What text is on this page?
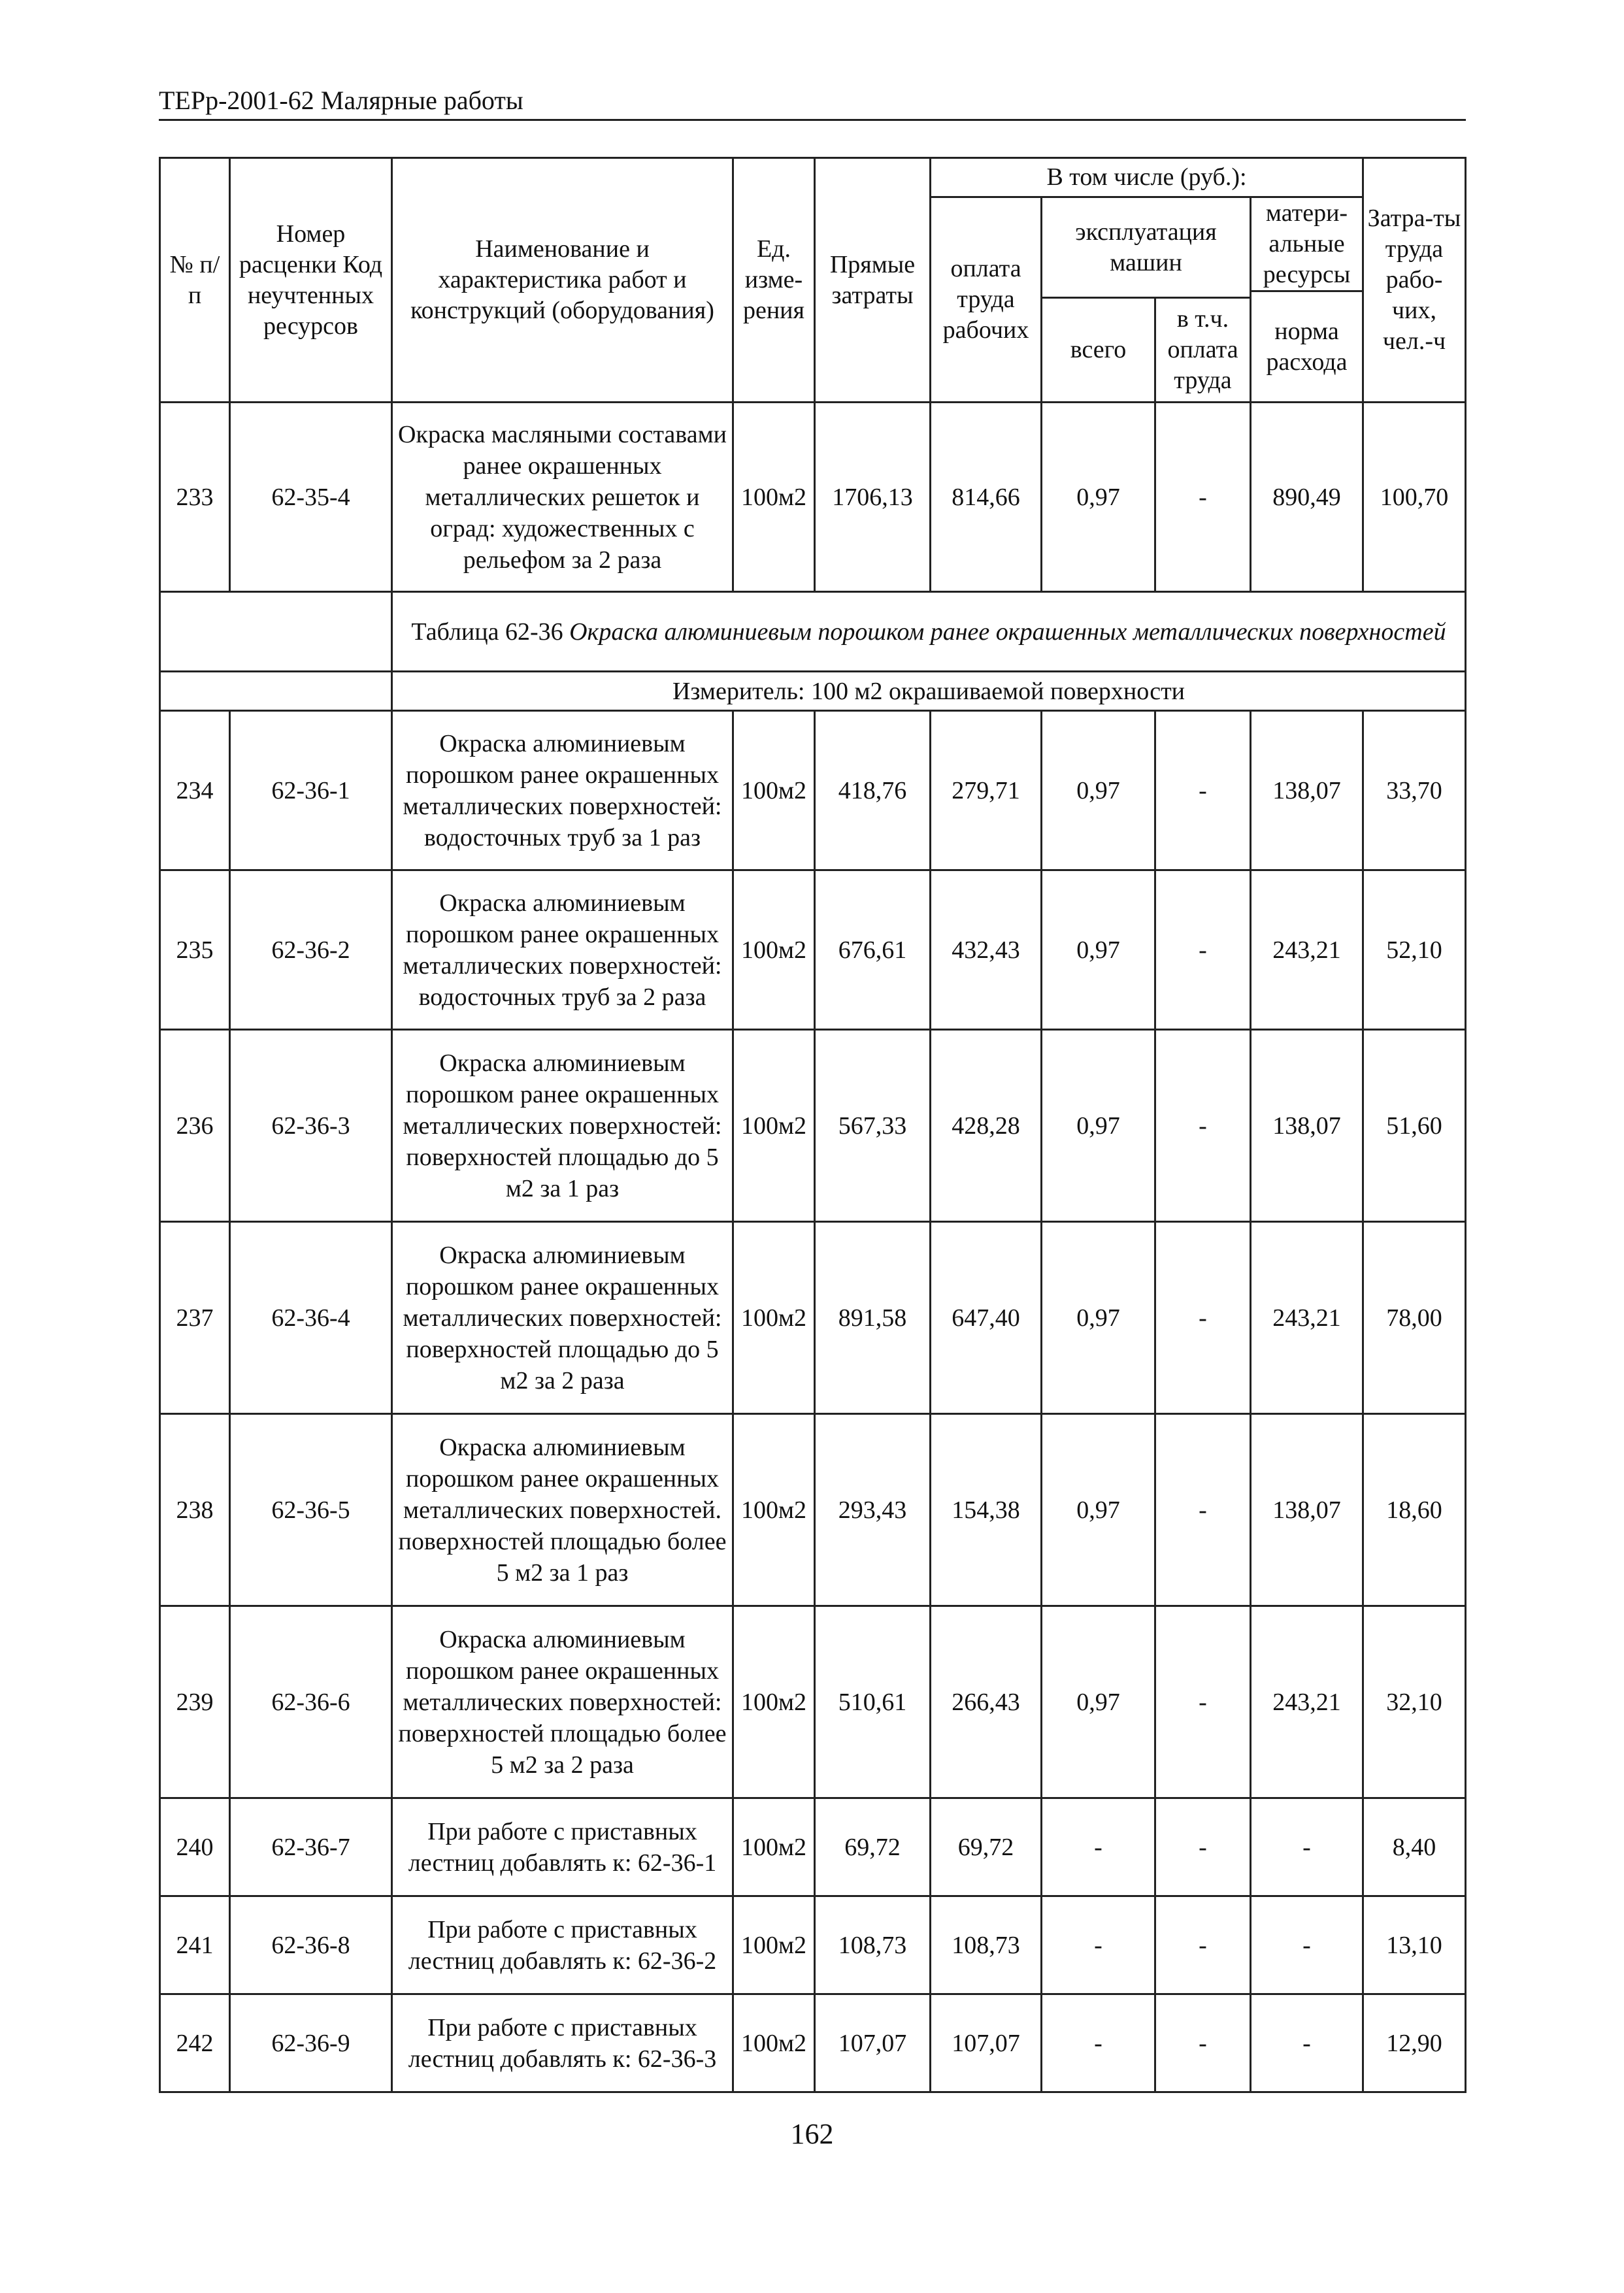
ТЕРр-2001-62 Малярные работы
№ п/п	Номер расценки Код неучтенных ресурсов	Наименование и характеристика работ и конструкций (оборудования)	Ед. изме-рения	Прямые затраты	В том числе (руб.):				Затра-ты труда рабо-чих, чел.-ч
					оплата труда рабочих	эксплуатация машин		матери-альные ресурсы	
								норма расхода	
						всего	в т.ч. оплата труда		
233	62-35-4	Окраска масляными составами ранее окрашенных металлических решеток и оград: художественных с рельефом за 2 раза	100м2	1706,13	814,66	0,97	-	890,49	100,70
		Таблица 62-36 Окраска алюминиевым порошком ранее окрашенных металлических поверхностей							
		Измеритель: 100 м2 окрашиваемой поверхности							
234	62-36-1	Окраска алюминиевым порошком ранее окрашенных металлических поверхностей: водосточных труб за 1 раз	100м2	418,76	279,71	0,97	-	138,07	33,70
235	62-36-2	Окраска алюминиевым порошком ранее окрашенных металлических поверхностей: водосточных труб за 2 раза	100м2	676,61	432,43	0,97	-	243,21	52,10
236	62-36-3	Окраска алюминиевым порошком ранее окрашенных металлических поверхностей: поверхностей площадью до 5 м2 за 1 раз	100м2	567,33	428,28	0,97	-	138,07	51,60
237	62-36-4	Окраска алюминиевым порошком ранее окрашенных металлических поверхностей: поверхностей площадью до 5 м2 за 2 раза	100м2	891,58	647,40	0,97	-	243,21	78,00
238	62-36-5	Окраска алюминиевым порошком ранее окрашенных металлических поверхностей. поверхностей площадью более 5 м2 за 1 раз	100м2	293,43	154,38	0,97	-	138,07	18,60
239	62-36-6	Окраска алюминиевым порошком ранее окрашенных металлических поверхностей: поверхностей площадью более 5 м2 за 2 раза	100м2	510,61	266,43	0,97	-	243,21	32,10
240	62-36-7	При работе с приставных лестниц добавлять к: 62-36-1	100м2	69,72	69,72	-	-	-	8,40
241	62-36-8	При работе с приставных лестниц добавлять к: 62-36-2	100м2	108,73	108,73	-	-	-	13,10
242	62-36-9	При работе с приставных лестниц добавлять к: 62-36-3	100м2	107,07	107,07	-	-	-	12,90
162
